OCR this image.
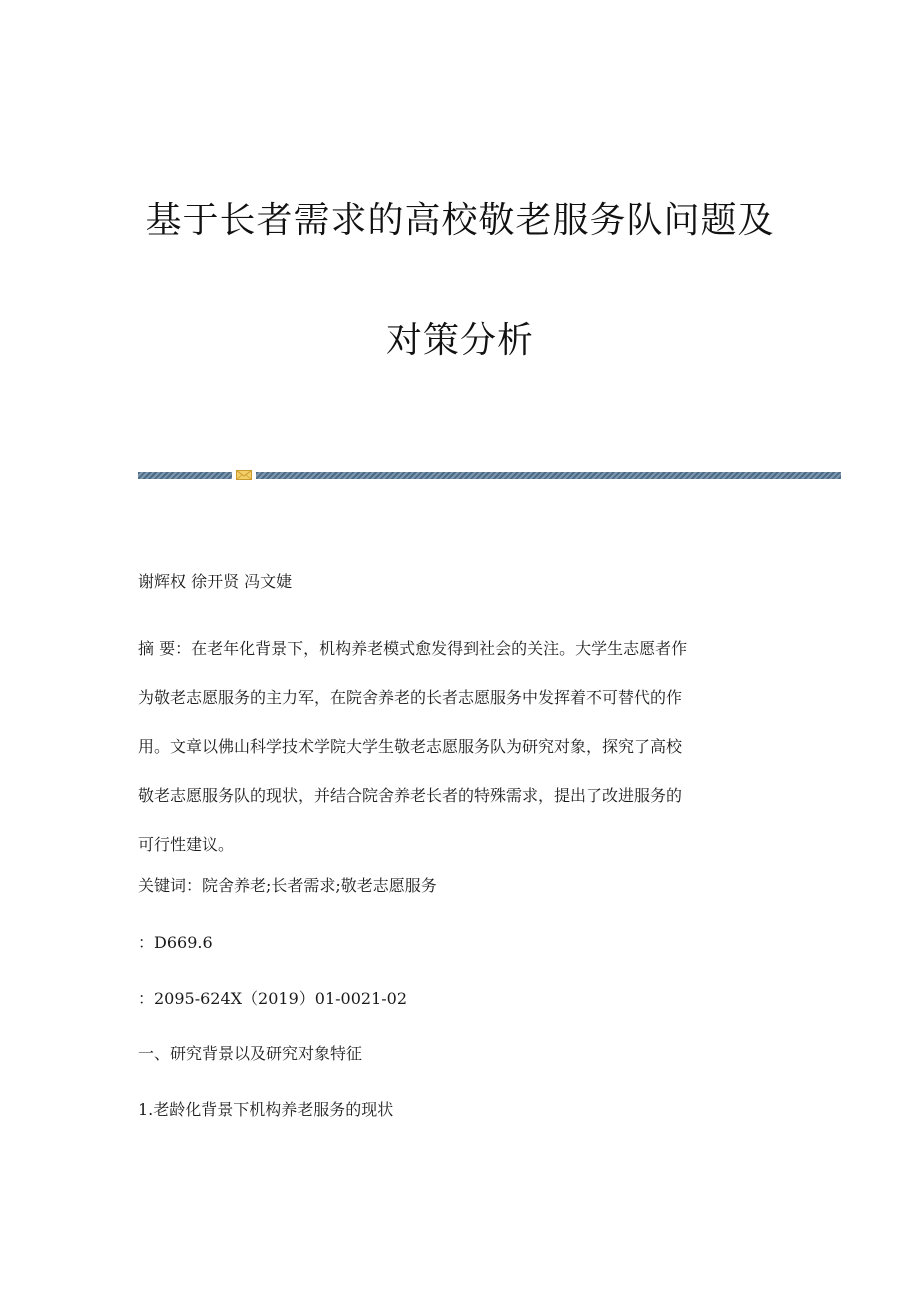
基于长者需求的高校敬老服务队问题及
对策分析
谢辉权 徐开贤 冯文婕
摘 要：在老年化背景下，机构养老模式愈发得到社会的关注。大学生志愿者作
为敬老志愿服务的主力军，在院舍养老的长者志愿服务中发挥着不可替代的作
用。文章以佛山科学技术学院大学生敬老志愿服务队为研究对象，探究了高校
敬老志愿服务队的现状，并结合院舍养老长者的特殊需求，提出了改进服务的
可行性建议。
关键词：院舍养老;长者需求;敬老志愿服务
：D669.6
：2095-624X（2019）01-0021-02
一、研究背景以及研究对象特征
1.老龄化背景下机构养老服务的现状
